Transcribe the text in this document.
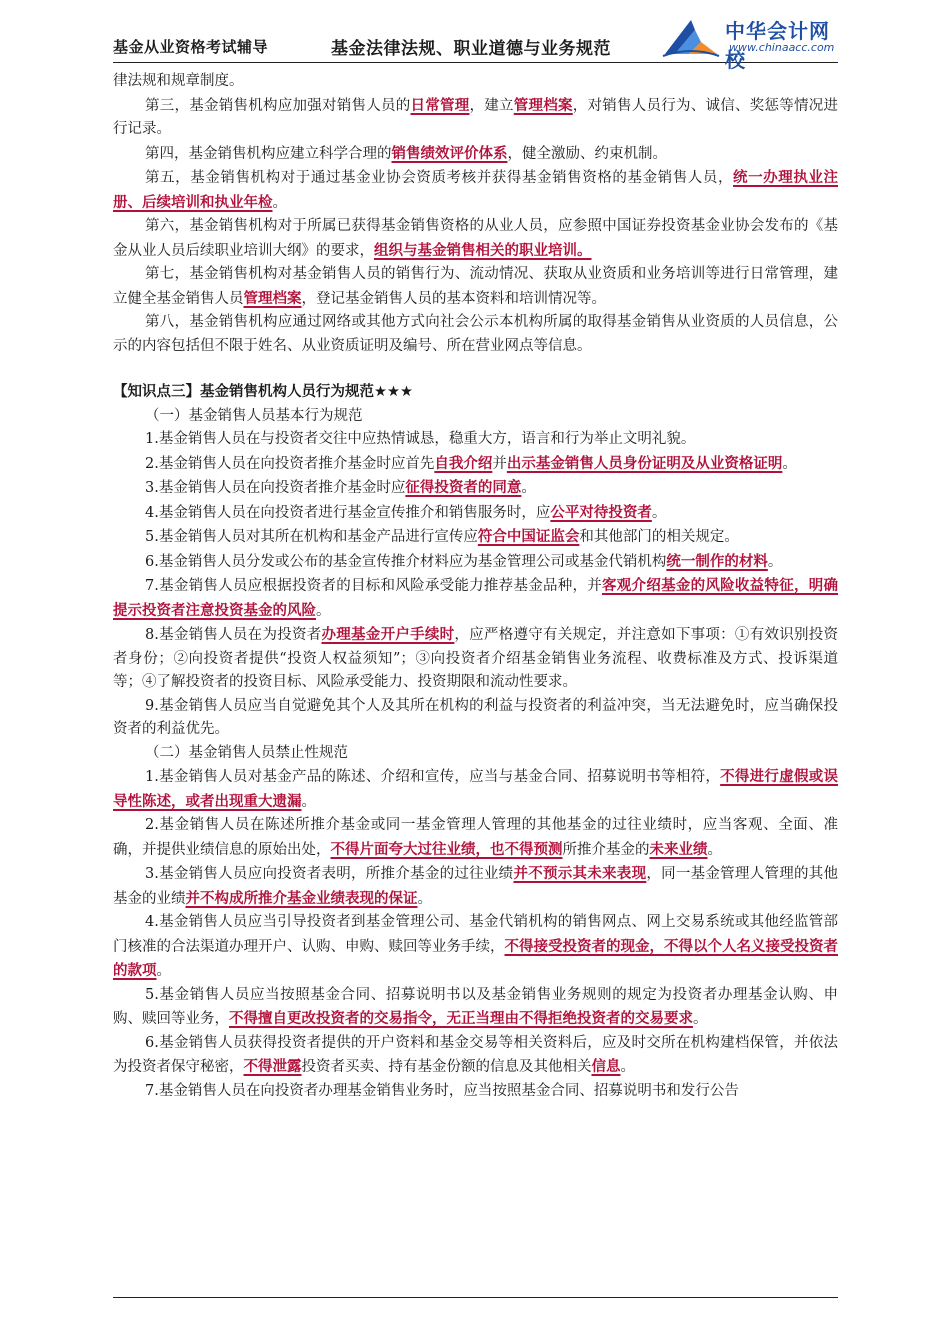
基金从业资格考试辅导	基金法律法规、职业道德与业务规范
中华会计网校
www.chinaacc.com

律法规和规章制度。

第三，基金销售机构应加强对销售人员的日常管理，建立管理档案，对销售人员行为、诚信、奖惩等情况进行记录。

第四，基金销售机构应建立科学合理的销售绩效评价体系，健全激励、约束机制。

第五，基金销售机构对于通过基金业协会资质考核并获得基金销售资格的基金销售人员，统一办理执业注册、后续培训和执业年检。

第六，基金销售机构对于所属已获得基金销售资格的从业人员，应参照中国证券投资基金业协会发布的《基金从业人员后续职业培训大纲》的要求，组织与基金销售相关的职业培训。

第七，基金销售机构对基金销售人员的销售行为、流动情况、获取从业资质和业务培训等进行日常管理，建立健全基金销售人员管理档案，登记基金销售人员的基本资料和培训情况等。

第八，基金销售机构应通过网络或其他方式向社会公示本机构所属的取得基金销售从业资质的人员信息，公示的内容包括但不限于姓名、从业资质证明及编号、所在营业网点等信息。

【知识点三】基金销售机构人员行为规范★★★

（一）基金销售人员基本行为规范

1.基金销售人员在与投资者交往中应热情诚恳，稳重大方，语言和行为举止文明礼貌。

2.基金销售人员在向投资者推介基金时应首先自我介绍并出示基金销售人员身份证明及从业资格证明。

3.基金销售人员在向投资者推介基金时应征得投资者的同意。

4.基金销售人员在向投资者进行基金宣传推介和销售服务时，应公平对待投资者。

5.基金销售人员对其所在机构和基金产品进行宣传应符合中国证监会和其他部门的相关规定。

6.基金销售人员分发或公布的基金宣传推介材料应为基金管理公司或基金代销机构统一制作的材料。

7.基金销售人员应根据投资者的目标和风险承受能力推荐基金品种，并客观介绍基金的风险收益特征，明确提示投资者注意投资基金的风险。

8.基金销售人员在为投资者办理基金开户手续时，应严格遵守有关规定，并注意如下事项：①有效识别投资者身份；②向投资者提供“投资人权益须知”；③向投资者介绍基金销售业务流程、收费标准及方式、投诉渠道等；④了解投资者的投资目标、风险承受能力、投资期限和流动性要求。

9.基金销售人员应当自觉避免其个人及其所在机构的利益与投资者的利益冲突，当无法避免时，应当确保投资者的利益优先。

（二）基金销售人员禁止性规范

1.基金销售人员对基金产品的陈述、介绍和宣传，应当与基金合同、招募说明书等相符，不得进行虚假或误导性陈述，或者出现重大遗漏。

2.基金销售人员在陈述所推介基金或同一基金管理人管理的其他基金的过往业绩时，应当客观、全面、准确，并提供业绩信息的原始出处，不得片面夸大过往业绩，也不得预测所推介基金的未来业绩。

3.基金销售人员应向投资者表明，所推介基金的过往业绩并不预示其未来表现，同一基金管理人管理的其他基金的业绩并不构成所推介基金业绩表现的保证。

4.基金销售人员应当引导投资者到基金管理公司、基金代销机构的销售网点、网上交易系统或其他经监管部门核准的合法渠道办理开户、认购、申购、赎回等业务手续，不得接受投资者的现金，不得以个人名义接受投资者的款项。

5.基金销售人员应当按照基金合同、招募说明书以及基金销售业务规则的规定为投资者办理基金认购、申购、赎回等业务，不得擅自更改投资者的交易指令，无正当理由不得拒绝投资者的交易要求。

6.基金销售人员获得投资者提供的开户资料和基金交易等相关资料后，应及时交所在机构建档保管，并依法为投资者保守秘密，不得泄露投资者买卖、持有基金份额的信息及其他相关信息。

7.基金销售人员在向投资者办理基金销售业务时，应当按照基金合同、招募说明书和发行公告
